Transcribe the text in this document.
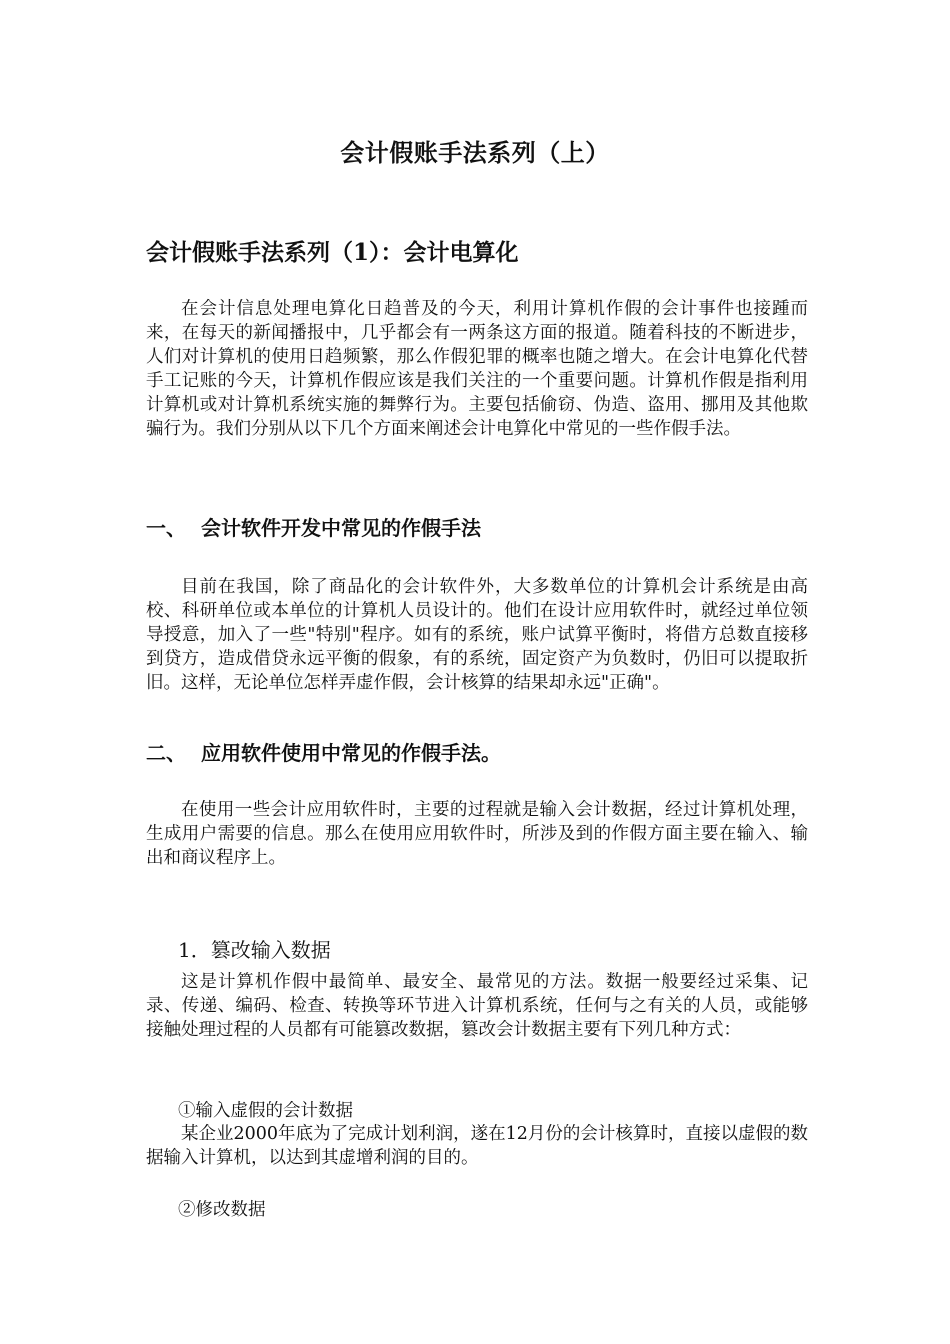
会计假账手法系列（上）
会计假账手法系列（1）：会计电算化

在会计信息处理电算化日趋普及的今天，利用计算机作假的会计事件也接踵而来，在每天的新闻播报中，几乎都会有一两条这方面的报道。随着科技的不断进步，人们对计算机的使用日趋频繁，那么作假犯罪的概率也随之增大。在会计电算化代替手工记账的今天，计算机作假应该是我们关注的一个重要问题。计算机作假是指利用计算机或对计算机系统实施的舞弊行为。主要包括偷窃、伪造、盗用、挪用及其他欺骗行为。我们分别从以下几个方面来阐述会计电算化中常见的一些作假手法。

一、 会计软件开发中常见的作假手法

目前在我国，除了商品化的会计软件外，大多数单位的计算机会计系统是由高校、科研单位或本单位的计算机人员设计的。他们在设计应用软件时，就经过单位领导授意，加入了一些"特别"程序。如有的系统，账户试算平衡时，将借方总数直接移到贷方，造成借贷永远平衡的假象，有的系统，固定资产为负数时，仍旧可以提取折旧。这样，无论单位怎样弄虚作假，会计核算的结果却永远"正确"。

二、 应用软件使用中常见的作假手法。

在使用一些会计应用软件时，主要的过程就是输入会计数据，经过计算机处理，生成用户需要的信息。那么在使用应用软件时，所涉及到的作假方面主要在输入、输出和商议程序上。

1．篡改输入数据

这是计算机作假中最简单、最安全、最常见的方法。数据一般要经过采集、记录、传递、编码、检查、转换等环节进入计算机系统，任何与之有关的人员，或能够接触处理过程的人员都有可能篡改数据，篡改会计数据主要有下列几种方式：

①输入虚假的会计数据

某企业2000年底为了完成计划利润，遂在12月份的会计核算时，直接以虚假的数据输入计算机，以达到其虚增利润的目的。

②修改数据
